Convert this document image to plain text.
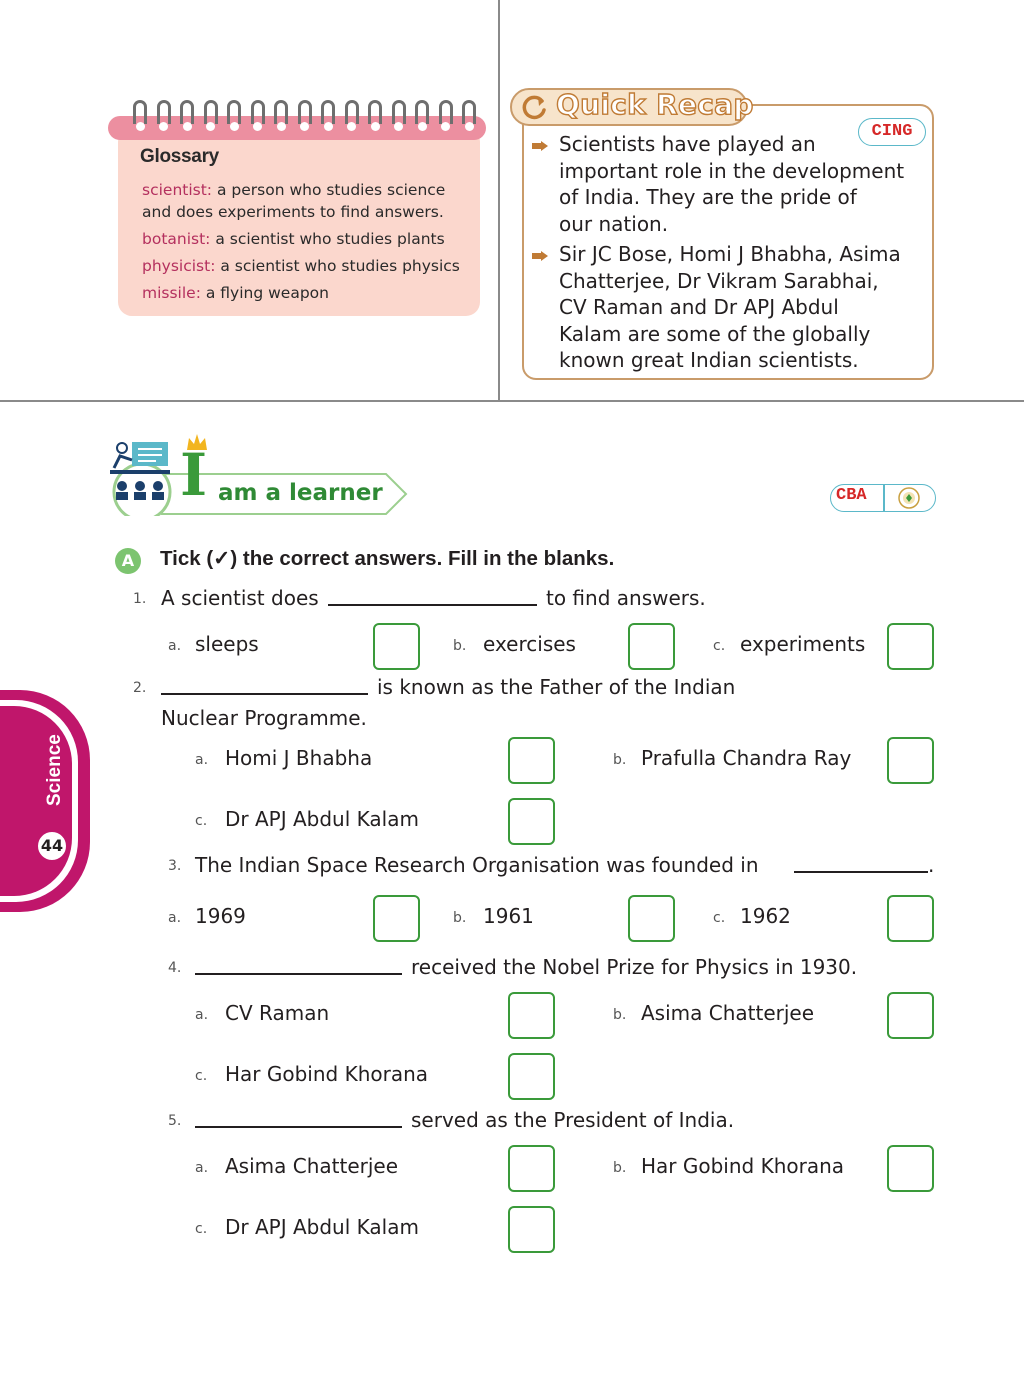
Glossary
scientist: a person who studies science
and does experiments to find answers.
botanist: a scientist who studies plants
physicist: a scientist who studies physics
missile: a flying weapon
Quick Recap
CING
Scientists have played an
important role in the development
of India. They are the pride of
our nation.
Sir JC Bose, Homi J Bhabha, Asima
Chatterjee, Dr Vikram Sarabhai,
CV Raman and Dr APJ Abdul
Kalam are some of the globally
known great Indian scientists.
I am a learner	CBA
A	Tick (✓) the correct answers. Fill in the blanks.
1. A scientist does	to find answers.
a. sleeps	b. exercises	c. experiments
2.	is known as the Father of the Indian
Nuclear Programme.
a. Homi J Bhabha	b. Prafulla Chandra Ray
c. Dr APJ Abdul Kalam
3. The Indian Space Research Organisation was founded in	.
a. 1969	b. 1961	c. 1962
4.	received the Nobel Prize for Physics in 1930.
a. CV Raman	b. Asima Chatterjee
c. Har Gobind Khorana
5.	served as the President of India.
a. Asima Chatterjee	b. Har Gobind Khorana
c. Dr APJ Abdul Kalam
Science
44
